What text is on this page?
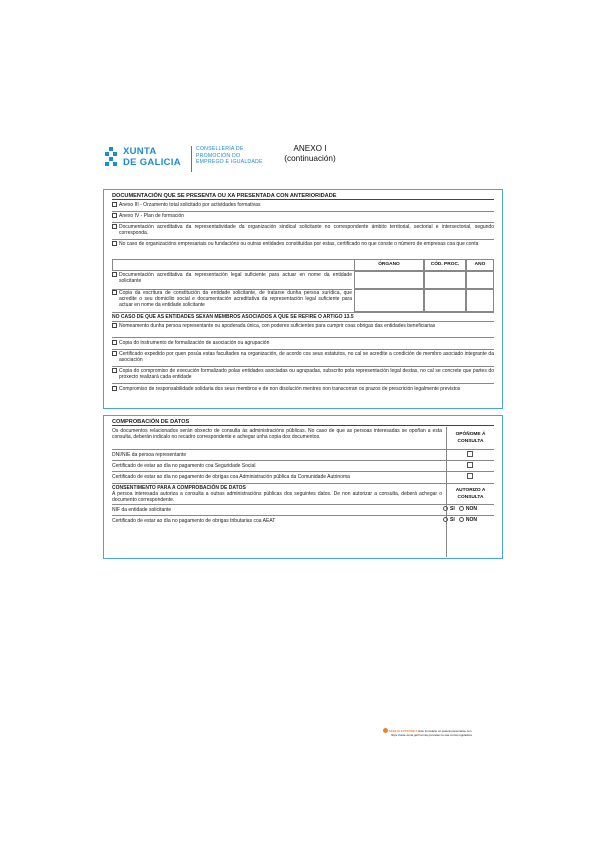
XUNTA
DE GALICIA
CONSELLERÍA DE
PROMOCIÓN DO
EMPREGO E IGUALDADE
ANEXO I
(continuación)
DOCUMENTACIÓN QUE SE PRESENTA OU XA PRESENTADA CON ANTERIORIDADE
Anexo III - Orzamento total solicitado por actividades formativas
Anexo IV - Plan de formación
Documentación acreditativa da representatividade da organización sindical solicitante no correspondente ámbito territorial, sectorial e intersectorial, segundo corresponda.
No caso de organizacións empresariais ou fundacións ou outras entidades constituídas por estas, certificado no que conste o número de empresas coa que conta
ÓRGANO	CÓD. PROC.	ANO
Documentación acreditativa da representación legal suficiente para actuar en nome da entidade solicitante
Copia da escritura de constitución da entidade solicitante, de tratarse dunha persoa xurídica, que acredite o seu domicilio social e documentación acreditativa da representación legal suficiente para actuar en nome da entidade solicitante
NO CASO DE QUE AS ENTIDADES SEXAN MEMBROS ASOCIADOS A QUE SE REFIRE O ARTIGO 13.5
Nomeamento dunha persoa representante ou apoderada única, con poderes suficientes para cumprir coas obrigas das entidades beneficiarias
Copia do instrumento de formalización de asociación ou agrupación
Certificado expedido por quen posúa estas facultades na organización, de acordo cos seus estatutos, no cal se acredite a condición de membro asociado integrante da asociación
Copia do compromiso de execución formalizado polas entidades asociadas ou agrupadas, subscrito pola representación legal destas, no cal se concrete que partes do proxecto realizará cada entidade
Compromiso de responsabilidade solidaria dos seus membros e de non disolución mentres non transcorran os prazos de prescrición legalmente previstos
COMPROBACIÓN DE DATOS
Os documentos relacionados serán obxecto de consulta ás administracións públicas. No caso de que as persoas interesadas se opoñan a esta consulta, deberán indicalo no recadro correspondente e achegar unha copia dos documentos.	OPÓÑOME Á CONSULTA
DNI/NIE da persoa representante
Certificado de estar ao día no pagamento coa Seguridade Social
Certificado de estar ao día no pagamento de obrigas coa Administración pública da Comunidade Autónoma
CONSENTIMENTO PARA A COMPROBACIÓN DE DATOS
A persoa interesada autoriza a consulta a outras administracións públicas dos seguintes datos. De non autorizar a consulta, deberá achegar o documento correspondente.
AUTORIZO A CONSULTA
NIF da entidade solicitante	SI NON
Certificado de estar ao día no pagamento de obrigas tributarias coa AEAT	SI NON
SEDE ELECTRÓNICA Este formulario só poderá presentarse nun
https://sede.xunta.gal Formas previstas na súa norma reguladora
